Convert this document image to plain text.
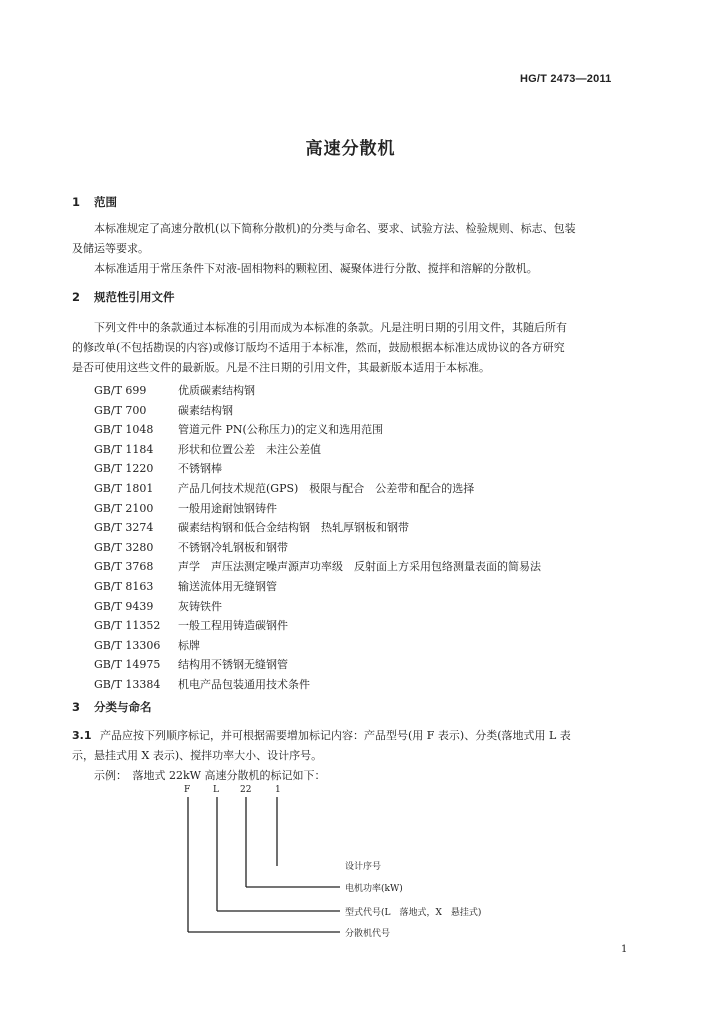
HG/T 2473—2011
高速分散机
1 范围
本标准规定了高速分散机(以下简称分散机)的分类与命名、要求、试验方法、检验规则、标志、包装
及储运等要求。
本标准适用于常压条件下对液-固相物料的颗粒团、凝聚体进行分散、搅拌和溶解的分散机。
2 规范性引用文件
下列文件中的条款通过本标准的引用而成为本标准的条款。凡是注明日期的引用文件，其随后所有
的修改单(不包括勘误的内容)或修订版均不适用于本标准，然而，鼓励根据本标准达成协议的各方研究
是否可使用这些文件的最新版。凡是不注日期的引用文件，其最新版本适用于本标准。
GB/T 699	优质碳素结构钢
GB/T 700	碳素结构钢
GB/T 1048 管道元件 PN(公称压力)的定义和选用范围
GB/T 1184 形状和位置公差　未注公差值
GB/T 1220 不锈钢棒
GB/T 1801 产品几何技术规范(GPS)　极限与配合　公差带和配合的选择
GB/T 2100 一般用途耐蚀钢铸件
GB/T 3274 碳素结构钢和低合金结构钢　热轧厚钢板和钢带
GB/T 3280 不锈钢冷轧钢板和钢带
GB/T 3768 声学　声压法测定噪声源声功率级　反射面上方采用包络测量表面的简易法
GB/T 8163 输送流体用无缝钢管
GB/T 9439 灰铸铁件
GB/T 11352 一般工程用铸造碳钢件
GB/T 13306 标牌
GB/T 14975 结构用不锈钢无缝钢管
GB/T 13384 机电产品包装通用技术条件
3 分类与命名
3.1 产品应按下列顺序标记，并可根据需要增加标记内容：产品型号(用 F 表示)、分类(落地式用 L 表
示，悬挂式用 X 表示)、搅拌功率大小、设计序号。
示例：　落地式 22kW 高速分散机的标记如下：
F	L 22	1
设计序号
电机功率(kW)
型式代号(L　落地式，X　悬挂式)
分散机代号
1
